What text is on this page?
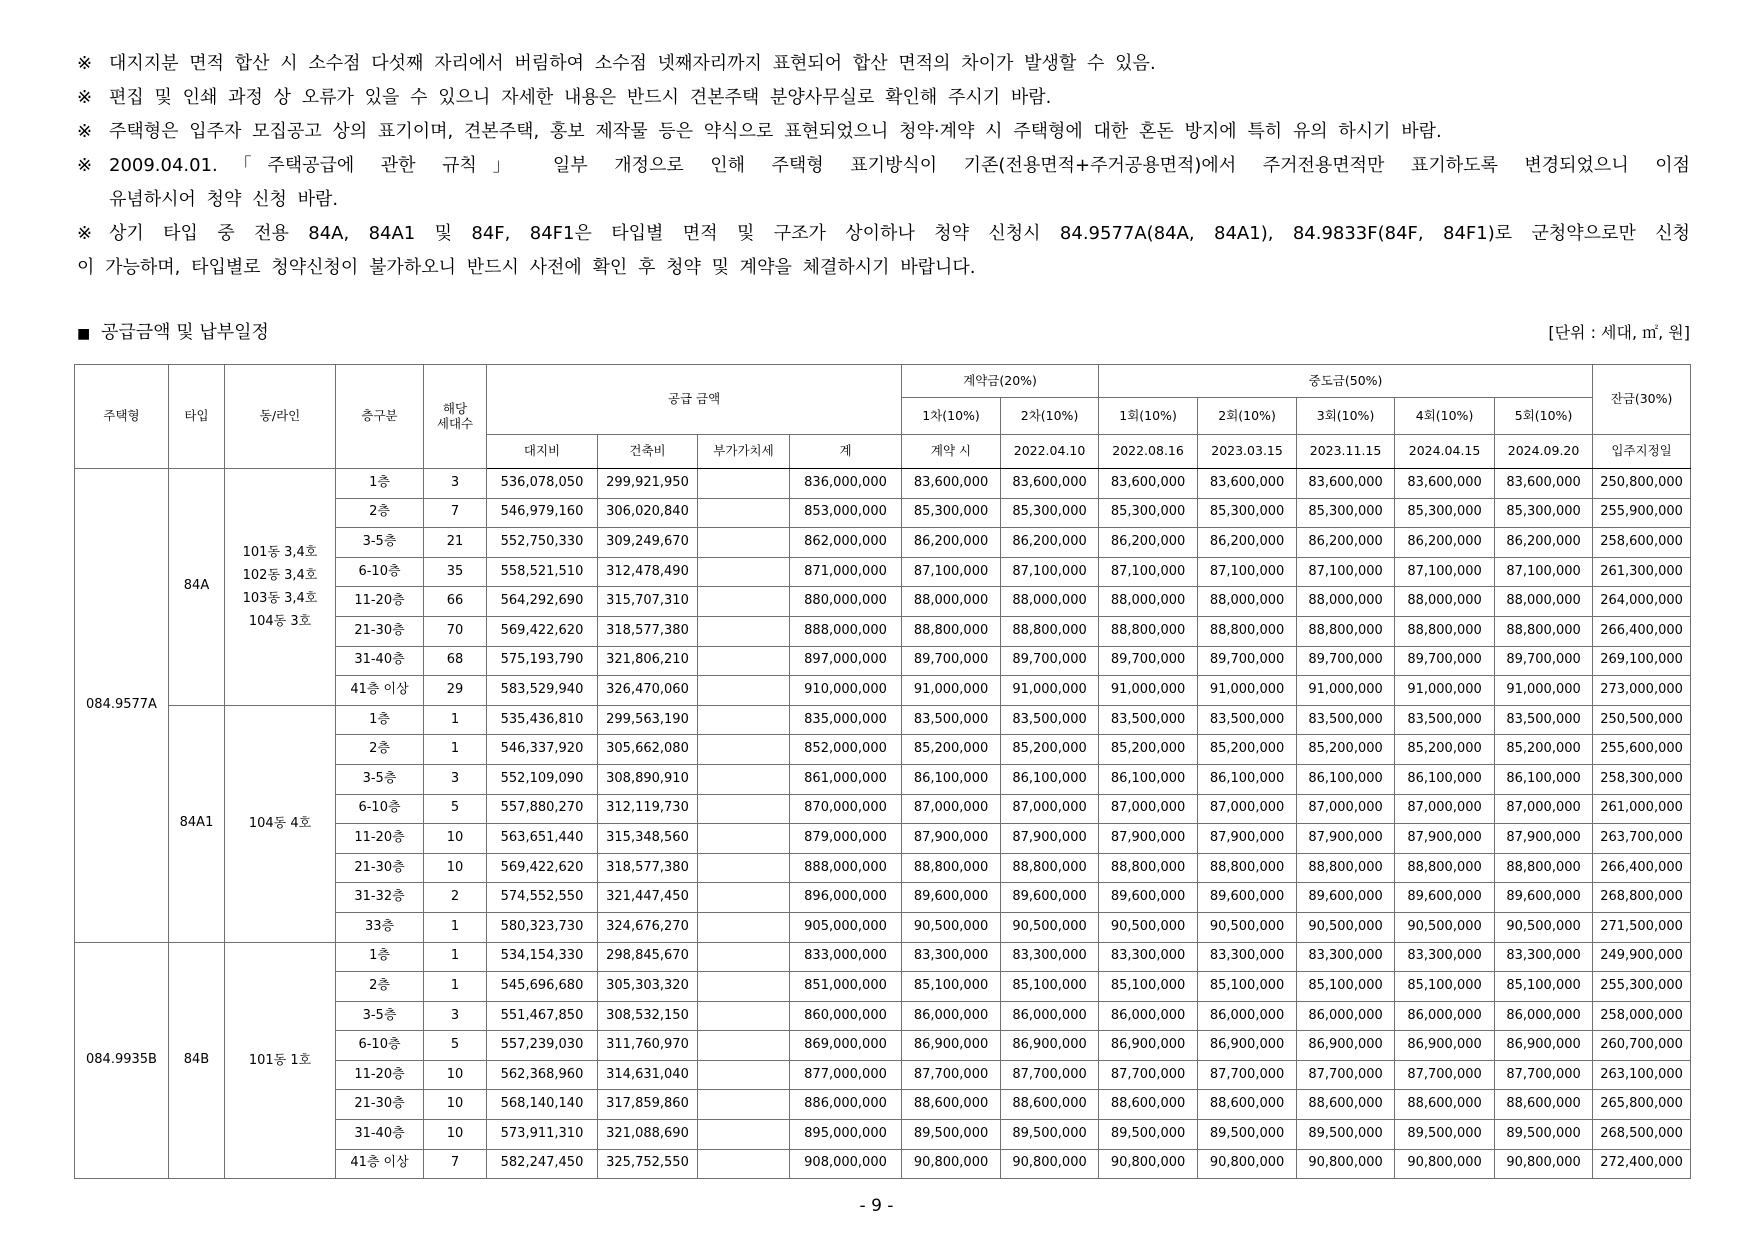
※ 대지지분 면적 합산 시 소수점 다섯째 자리에서 버림하여 소수점 넷째자리까지 표현되어 합산 면적의 차이가 발생할 수 있음.
※ 편집 및 인쇄 과정 상 오류가 있을 수 있으니 자세한 내용은 반드시 견본주택 분양사무실로 확인해 주시기 바람.
※ 주택형은 입주자 모집공고 상의 표기이며, 견본주택, 홍보 제작물 등은 약식으로 표현되었으니 청약·계약 시 주택형에 대한 혼돈 방지에 특히 유의 하시기 바람.
※ 2009.04.01.「주택공급에 관한 규칙」 일부 개정으로 인해 주택형 표기방식이 기존(전용면적+주거공용면적)에서 주거전용면적만 표기하도록 변경되었으니 이점
유념하시어 청약 신청 바람.
※ 상기 타입 중 전용 84A, 84A1 및 84F, 84F1은 타입별 면적 및 구조가 상이하나 청약 신청시 84.9577A(84A, 84A1), 84.9833F(84F, 84F1)로 군청약으로만 신청
이 가능하며, 타입별로 청약신청이 불가하오니 반드시 사전에 확인 후 청약 및 계약을 체결하시기 바랍니다.
■ 공급금액 및 납부일정	[단위 : 세대, ㎡, 원]
주택형	타입	동/라인	층구분	해당
세대수	공급 금액				계약금(20%)		중도금(50%)					잔금(30%)
									1차(10%)	2차(10%)	1회(10%)	2회(10%)	3회(10%)	4회(10%)	5회(10%)	
					대지비	건축비	부가가치세	계	계약 시	2022.04.10	2022.08.16	2023.03.15	2023.11.15	2024.04.15	2024.09.20	입주지정일
084.9577A	84A	101동 3,4호
102동 3,4호
103동 3,4호
104동 3호	1층	3	536,078,050	299,921,950		836,000,000	83,600,000	83,600,000	83,600,000	83,600,000	83,600,000	83,600,000	83,600,000	250,800,000
			2층	7	546,979,160	306,020,840		853,000,000	85,300,000	85,300,000	85,300,000	85,300,000	85,300,000	85,300,000	85,300,000	255,900,000
			3-5층	21	552,750,330	309,249,670		862,000,000	86,200,000	86,200,000	86,200,000	86,200,000	86,200,000	86,200,000	86,200,000	258,600,000
			6-10층	35	558,521,510	312,478,490		871,000,000	87,100,000	87,100,000	87,100,000	87,100,000	87,100,000	87,100,000	87,100,000	261,300,000
			11-20층	66	564,292,690	315,707,310		880,000,000	88,000,000	88,000,000	88,000,000	88,000,000	88,000,000	88,000,000	88,000,000	264,000,000
			21-30층	70	569,422,620	318,577,380		888,000,000	88,800,000	88,800,000	88,800,000	88,800,000	88,800,000	88,800,000	88,800,000	266,400,000
			31-40층	68	575,193,790	321,806,210		897,000,000	89,700,000	89,700,000	89,700,000	89,700,000	89,700,000	89,700,000	89,700,000	269,100,000
			41층 이상	29	583,529,940	326,470,060		910,000,000	91,000,000	91,000,000	91,000,000	91,000,000	91,000,000	91,000,000	91,000,000	273,000,000
	84A1	104동 4호	1층	1	535,436,810	299,563,190		835,000,000	83,500,000	83,500,000	83,500,000	83,500,000	83,500,000	83,500,000	83,500,000	250,500,000
			2층	1	546,337,920	305,662,080		852,000,000	85,200,000	85,200,000	85,200,000	85,200,000	85,200,000	85,200,000	85,200,000	255,600,000
			3-5층	3	552,109,090	308,890,910		861,000,000	86,100,000	86,100,000	86,100,000	86,100,000	86,100,000	86,100,000	86,100,000	258,300,000
			6-10층	5	557,880,270	312,119,730		870,000,000	87,000,000	87,000,000	87,000,000	87,000,000	87,000,000	87,000,000	87,000,000	261,000,000
			11-20층	10	563,651,440	315,348,560		879,000,000	87,900,000	87,900,000	87,900,000	87,900,000	87,900,000	87,900,000	87,900,000	263,700,000
			21-30층	10	569,422,620	318,577,380		888,000,000	88,800,000	88,800,000	88,800,000	88,800,000	88,800,000	88,800,000	88,800,000	266,400,000
			31-32층	2	574,552,550	321,447,450		896,000,000	89,600,000	89,600,000	89,600,000	89,600,000	89,600,000	89,600,000	89,600,000	268,800,000
			33층	1	580,323,730	324,676,270		905,000,000	90,500,000	90,500,000	90,500,000	90,500,000	90,500,000	90,500,000	90,500,000	271,500,000
084.9935B	84B	101동 1호	1층	1	534,154,330	298,845,670		833,000,000	83,300,000	83,300,000	83,300,000	83,300,000	83,300,000	83,300,000	83,300,000	249,900,000
			2층	1	545,696,680	305,303,320		851,000,000	85,100,000	85,100,000	85,100,000	85,100,000	85,100,000	85,100,000	85,100,000	255,300,000
			3-5층	3	551,467,850	308,532,150		860,000,000	86,000,000	86,000,000	86,000,000	86,000,000	86,000,000	86,000,000	86,000,000	258,000,000
			6-10층	5	557,239,030	311,760,970		869,000,000	86,900,000	86,900,000	86,900,000	86,900,000	86,900,000	86,900,000	86,900,000	260,700,000
			11-20층	10	562,368,960	314,631,040		877,000,000	87,700,000	87,700,000	87,700,000	87,700,000	87,700,000	87,700,000	87,700,000	263,100,000
			21-30층	10	568,140,140	317,859,860		886,000,000	88,600,000	88,600,000	88,600,000	88,600,000	88,600,000	88,600,000	88,600,000	265,800,000
			31-40층	10	573,911,310	321,088,690		895,000,000	89,500,000	89,500,000	89,500,000	89,500,000	89,500,000	89,500,000	89,500,000	268,500,000
			41층 이상	7	582,247,450	325,752,550		908,000,000	90,800,000	90,800,000	90,800,000	90,800,000	90,800,000	90,800,000	90,800,000	272,400,000
- 9 -
